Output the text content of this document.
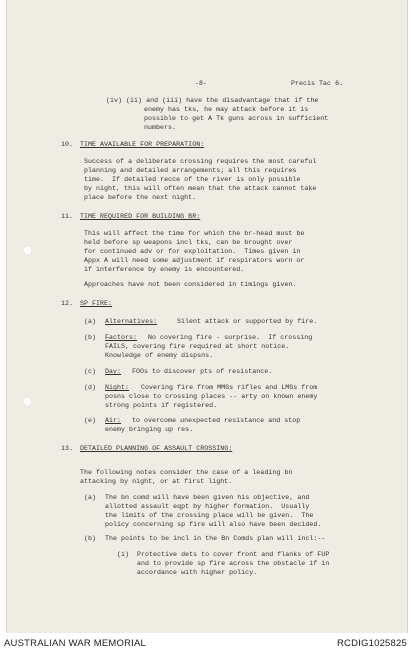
-8-	Precis Tac 6.
(iv) (ii) and (iii) have the disadvantage that if the
enemy has tks, he may attack before it is
possible to get A Tk guns across in sufficient
numbers.
10. TIME AVAILABLE FOR PREPARATION:
Success of a deliberate crossing requires the most careful
planning and detailed arrangements; all this requires
time.  If detailed recce of the river is only possible
by night, this will often mean that the attack cannot take
place before the next night.
11. TIME REQUIRED FOR BUILDING BR:
This will affect the time for which the br-head must be
held before sp weapons incl tks, can be brought over
for continued adv or for exploitation.  Times given in
Appx A will need some adjustment if respirators worn or
if interference by enemy is encountered.
Approaches have not been considered in timings given.
12. SP FIRE:
(a) Alternatives:	Silent attack or supported by fire.
(b) Factors: No covering fire - surprise.  If crossing
FAILS, covering fire required at short notice.
Knowledge of enemy dispsns.
(c) Day: FOOs to discover pts of resistance.
(d) Night: Covering fire from MMGs rifles and LMGs from
posns close to crossing places -- arty on known enemy
strong points if registered.
(e) Air: to overcome unexpected resistance and stop
enemy bringing up res.
13. DETAILED PLANNING OF ASSAULT CROSSING:
The following notes consider the case of a leading bn
attacking by night, or at first light.
(a) The bn comd will have been given his objective, and
allotted assault eqpt by higher formation.  Usually
the limits of the crossing place will be given.  The
policy concerning sp fire will also have been decided.
(b) The points to be incl in the Bn Comds plan will incl:--
(i) Protective dets to cover front and flanks of FUP
and to provide sp fire across the obstacle if in
accordance with higher policy.
AUSTRALIAN WAR MEMORIAL	RCDIG1025825
